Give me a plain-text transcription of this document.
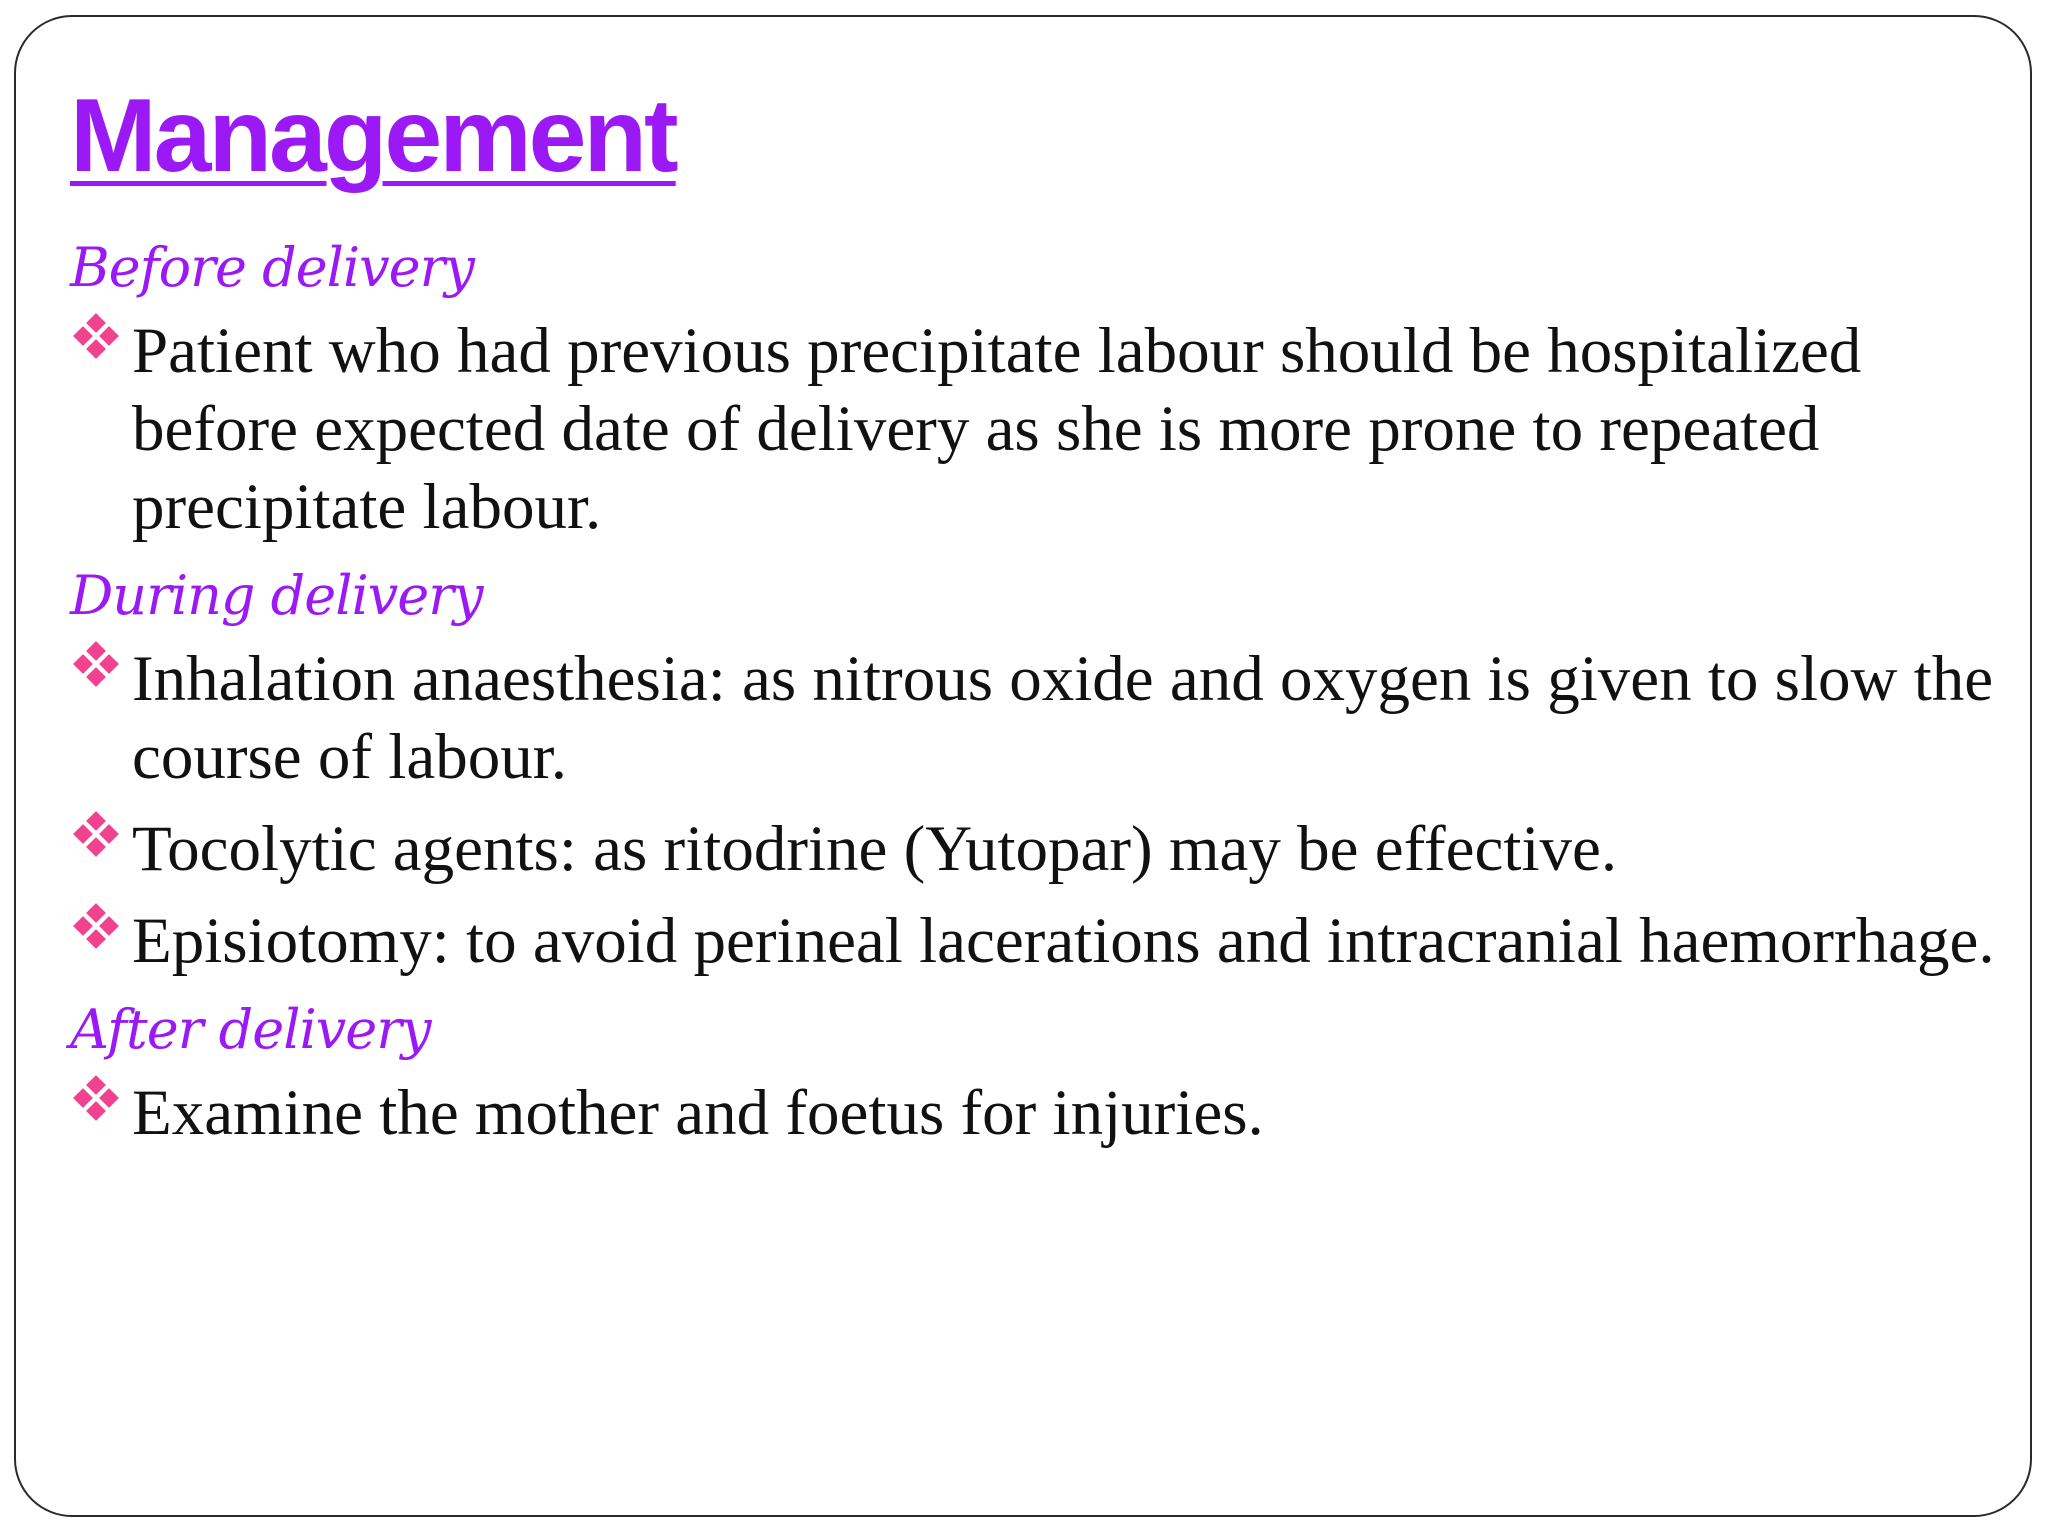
Management
Before delivery
Patient who had previous precipitate labour should be hospitalized before expected date of delivery as she is more prone to repeated precipitate labour.
During delivery
Inhalation anaesthesia: as nitrous oxide and oxygen is given to slow the course of labour.
Tocolytic agents: as ritodrine (Yutopar) may be effective.
Episiotomy: to avoid perineal lacerations and intracranial haemorrhage.
After delivery
Examine the mother and foetus for injuries.
